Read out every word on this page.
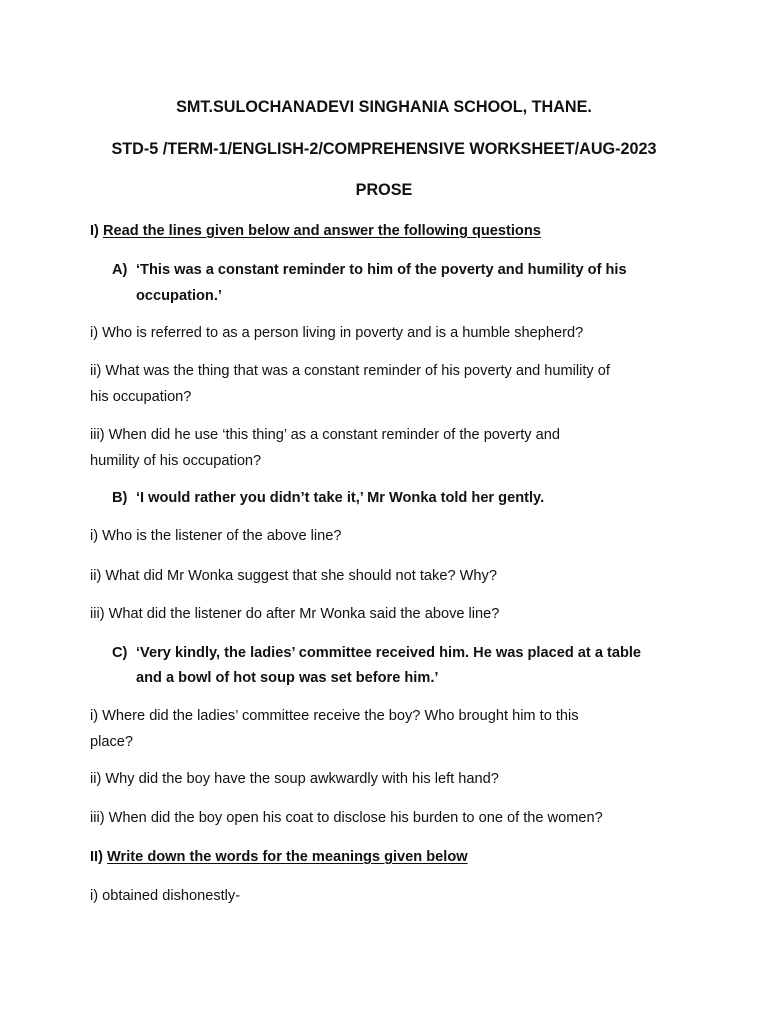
SMT.SULOCHANADEVI SINGHANIA SCHOOL, THANE.
STD-5 /TERM-1/ENGLISH-2/COMPREHENSIVE WORKSHEET/AUG-2023
PROSE
I) Read the lines given below and answer the following questions
A) ‘This was a constant reminder to him of the poverty and humility of his
occupation.’
i) Who is referred to as a person living in poverty and is a humble shepherd?
ii) What was the thing that was a constant reminder of his poverty and humility of
his occupation?
iii) When did he use ‘this thing’ as a constant reminder of the poverty and
humility of his occupation?
B) ‘I would rather you didn’t take it,’ Mr Wonka told her gently.
i) Who is the listener of the above line?
ii) What did Mr Wonka suggest that she should not take? Why?
iii) What did the listener do after Mr Wonka said the above line?
C) ‘Very kindly, the ladies’ committee received him. He was placed at a table
and a bowl of hot soup was set before him.’
i) Where did the ladies’ committee receive the boy? Who brought him to this
place?
ii) Why did the boy have the soup awkwardly with his left hand?
iii) When did the boy open his coat to disclose his burden to one of the women?
II) Write down the words for the meanings given below
i) obtained dishonestly-
